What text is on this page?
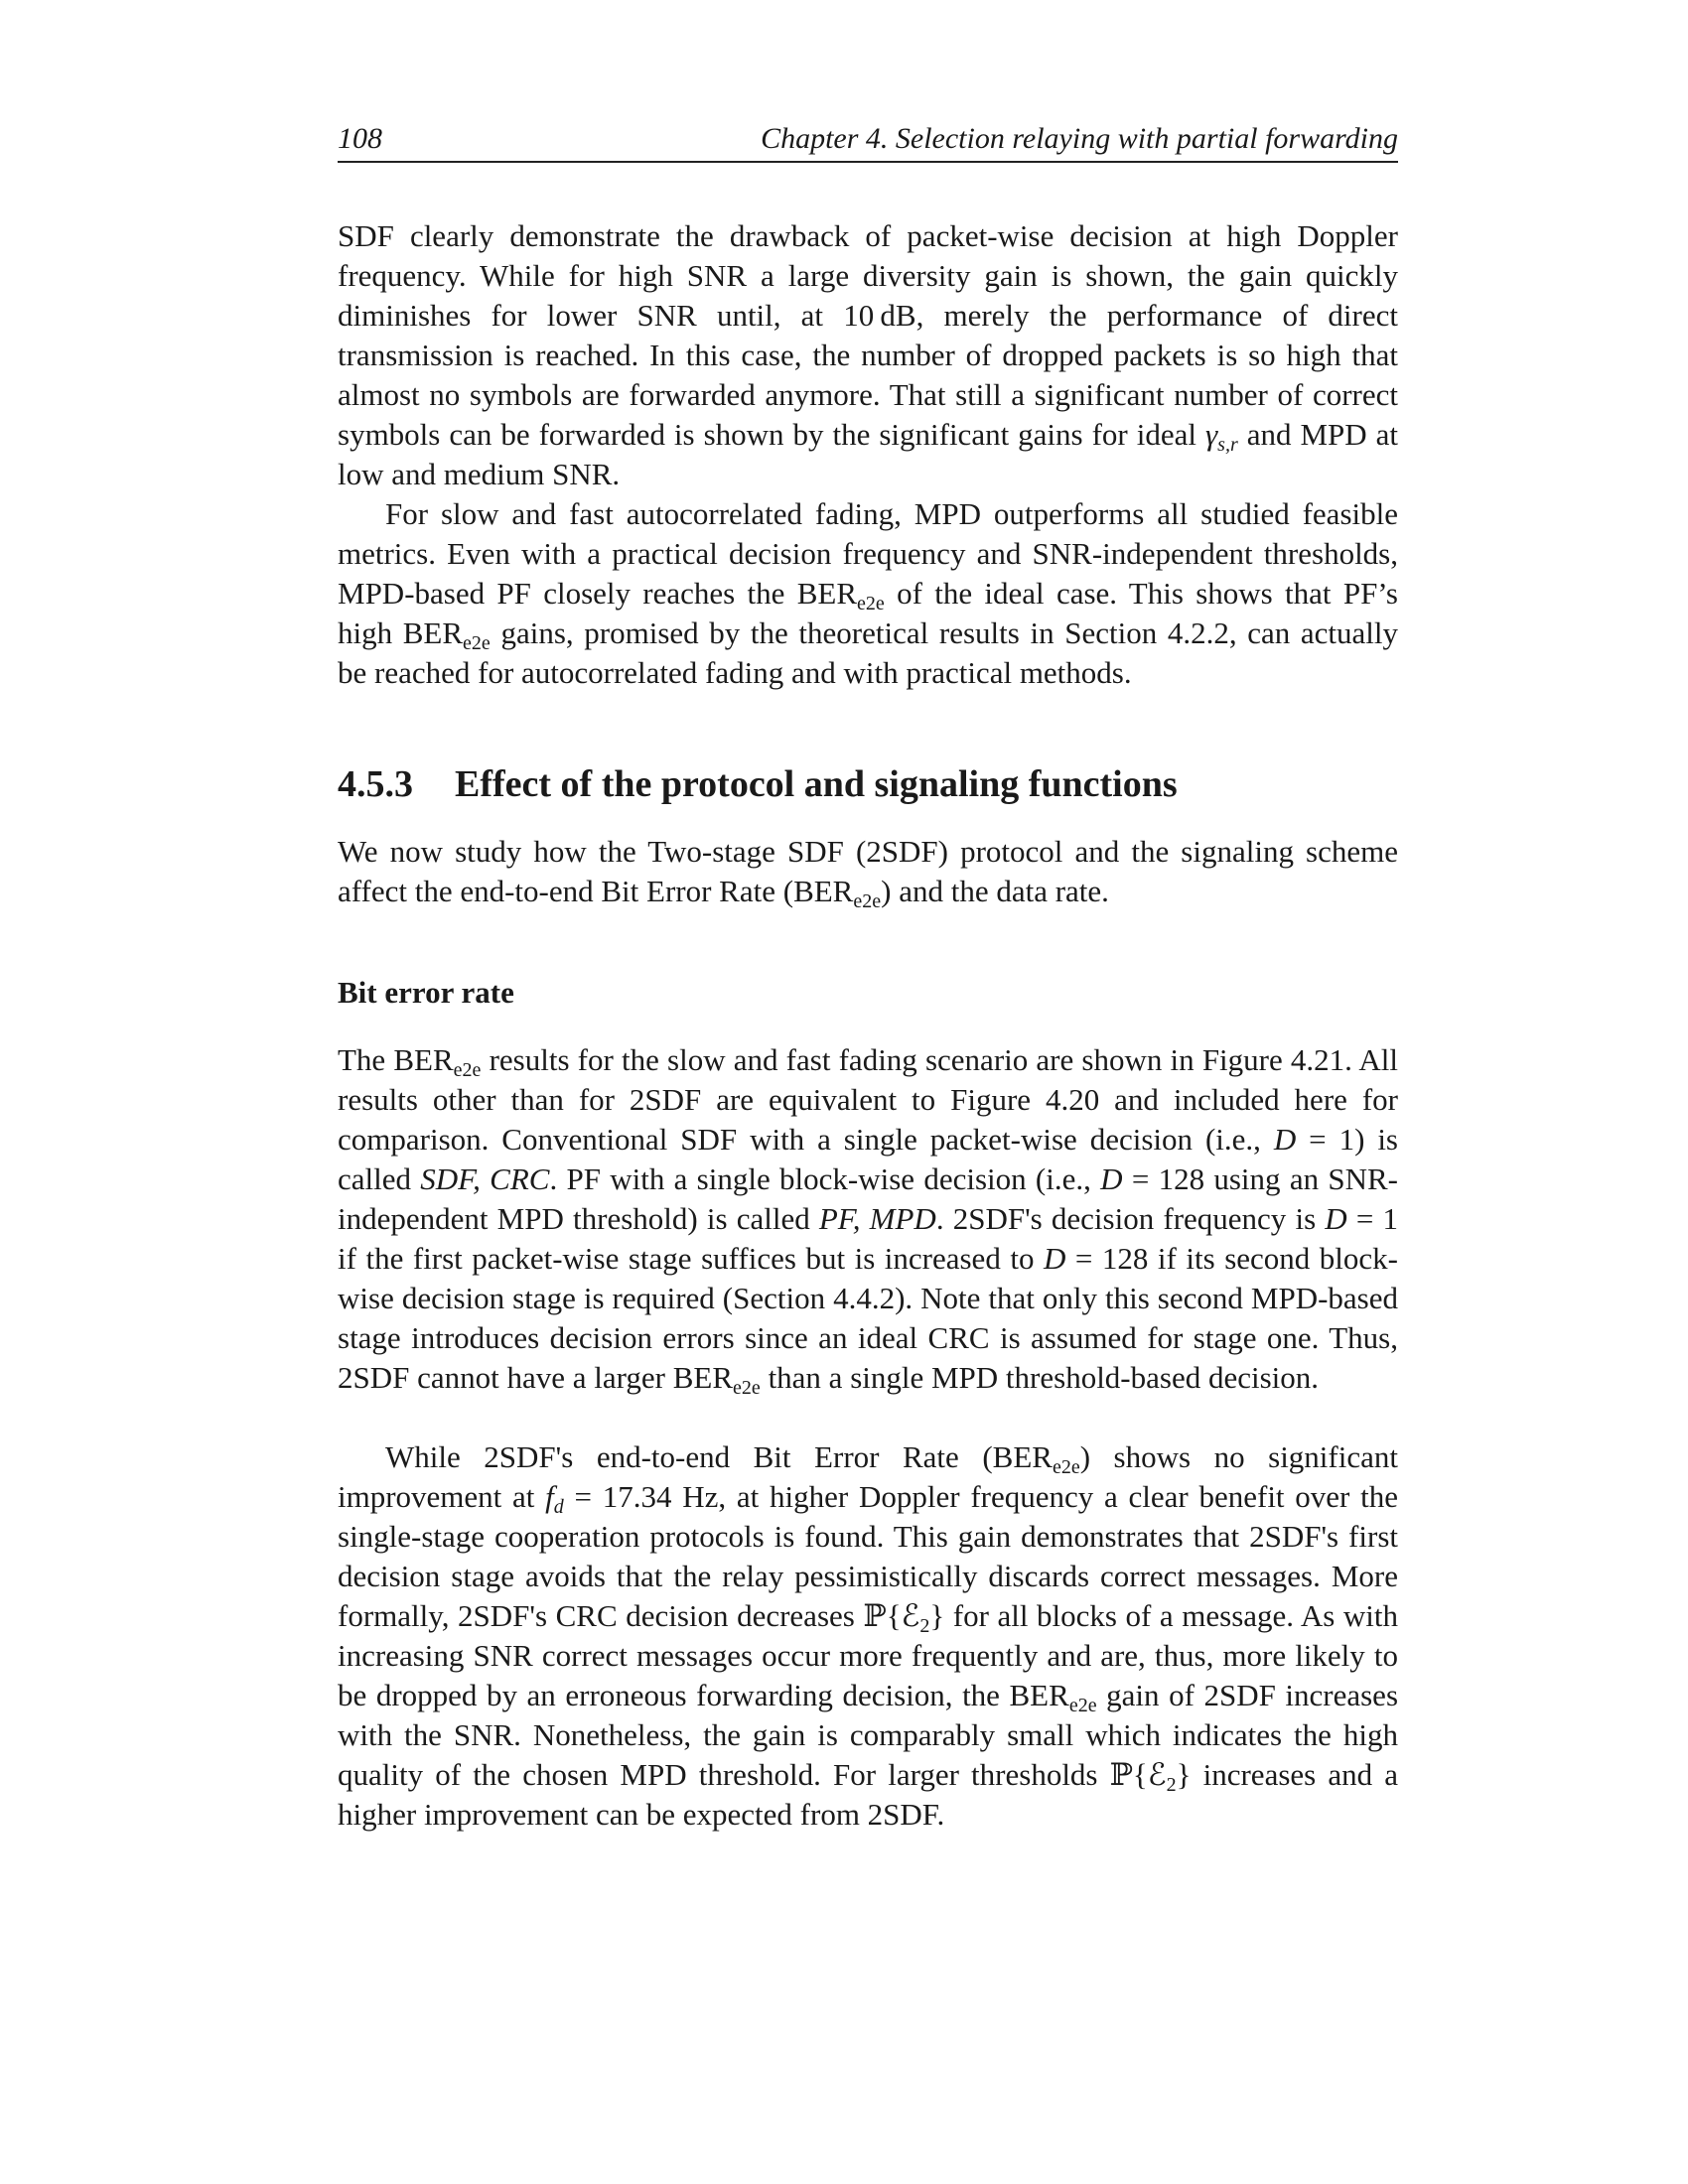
108	Chapter 4. Selection relaying with partial forwarding

SDF clearly demonstrate the drawback of packet-wise decision at high Doppler frequency. While for high SNR a large diversity gain is shown, the gain quickly diminishes for lower SNR until, at 10 dB, merely the performance of direct transmission is reached. In this case, the number of dropped packets is so high that almost no symbols are forwarded anymore. That still a significant number of correct symbols can be forwarded is shown by the significant gains for ideal $\gamma_{s,r}$ and MPD at low and medium SNR.

For slow and fast autocorrelated fading, MPD outperforms all studied feasible metrics. Even with a practical decision frequency and SNR-independent thresholds, MPD-based PF closely reaches the $BER_{e2e}$ of the ideal case. This shows that PF’s high $BER_{e2e}$ gains, promised by the theoretical results in Section 4.2.2, can actually be reached for autocorrelated fading and with practical methods.

4.5.3 Effect of the protocol and signaling functions

We now study how the Two-stage SDF (2SDF) protocol and the signaling scheme affect the end-to-end Bit Error Rate $(BER_{e2e})$ and the data rate.

Bit error rate

The $BER_{e2e}$ results for the slow and fast fading scenario are shown in Figure 4.21. All results other than for 2SDF are equivalent to Figure 4.20 and included here for comparison. Conventional SDF with a single packet-wise decision (i.e., D = 1) is called SDF, CRC. PF with a single block-wise decision (i.e., D = 128 using an SNR-independent MPD threshold) is called PF, MPD. 2SDF's decision frequency is D = 1 if the first packet-wise stage suffices but is increased to D = 128 if its second block-wise decision stage is required (Section 4.4.2). Note that only this second MPD-based stage introduces decision errors since an ideal CRC is assumed for stage one. Thus, 2SDF cannot have a larger $BER_{e2e}$ than a single MPD threshold-based decision.

While 2SDF's end-to-end Bit Error Rate $(BER_{e2e})$ shows no significant improvement at $f_d = 17.34$ Hz, at higher Doppler frequency a clear benefit over the single-stage cooperation protocols is found. This gain demonstrates that 2SDF's first decision stage avoids that the relay pessimistically discards correct messages. More formally, 2SDF's CRC decision decreases ℙ{ℰ$_2$} for all blocks of a message. As with increasing SNR correct messages occur more frequently and are, thus, more likely to be dropped by an erroneous forwarding decision, the $BER_{e2e}$ gain of 2SDF increases with the SNR. Nonetheless, the gain is comparably small which indicates the high quality of the chosen MPD threshold. For larger thresholds ℙ{ℰ$_2$} increases and a higher improvement can be expected from 2SDF.
